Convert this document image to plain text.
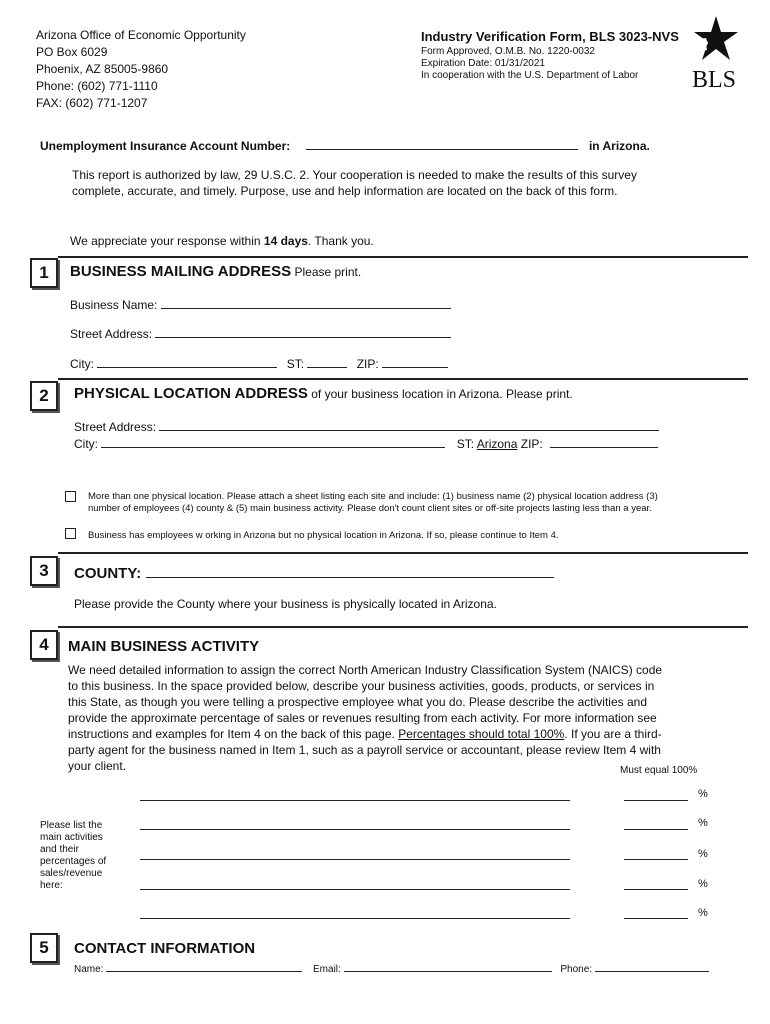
Arizona Office of Economic Opportunity
PO Box 6029
Phoenix, AZ 85005-9860
Phone: (602) 771-1110
FAX: (602) 771-1207
Industry Verification Form, BLS 3023-NVS
Form Approved, O.M.B. No. 1220-0032
Expiration Date: 01/31/2021
In cooperation with the U.S. Department of Labor	BLS
Unemployment Insurance Account Number:	in Arizona.
This report is authorized by law, 29 U.S.C. 2. Your cooperation is needed to make the results of this survey
complete, accurate, and timely. Purpose, use and help information are located on the back of this form.
We appreciate your response within 14 days. Thank you.
1	BUSINESS MAILING ADDRESS Please print.
Business Name:
Street Address:
City:	ST:	ZIP:
2	PHYSICAL LOCATION ADDRESS of your business location in Arizona. Please print.
Street Address:
City:	ST: Arizona ZIP:
More than one physical location. Please attach a sheet listing each site and include: (1) business name (2) physical location address (3)
number of employees (4) county & (5) main business activity. Please don't count client sites or off-site projects lasting less than a year.
Business has employees w orking in Arizona but no physical location in Arizona. If so, please continue to Item 4.
3	COUNTY:
Please provide the County where your business is physically located in Arizona.
4	MAIN BUSINESS ACTIVITY
We need detailed information to assign the correct North American Industry Classification System (NAICS) code
to this business. In the space provided below, describe your business activities, goods, products, or services in
this State, as though you were telling a prospective employee what you do. Please describe the activities and
provide the approximate percentage of sales or revenues resulting from each activity. For more information see
instructions and examples for Item 4 on the back of this page. Percentages should total 100%. If you are a third-
party agent for the business named in Item 1, such as a payroll service or accountant, please review Item 4 with
your client.	Must equal 100%
Please list the
main activities
and their
percentages of
sales/revenue
here:
%
%
%
%
%
5	CONTACT INFORMATION
Name:	Email:	Phone:
